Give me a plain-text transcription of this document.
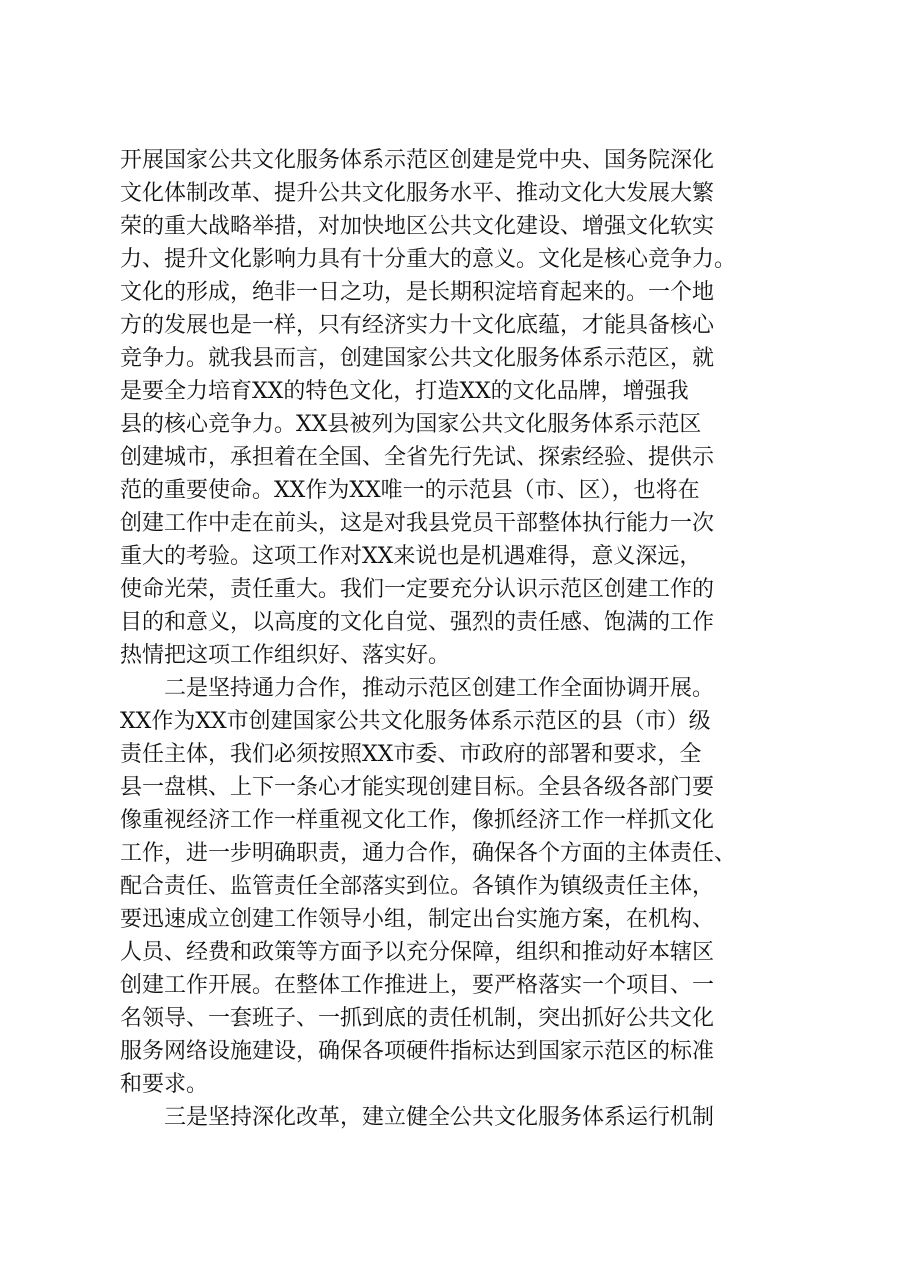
开展国家公共文化服务体系示范区创建是党中央、国务院深化
文化体制改革、提升公共文化服务水平、推动文化大发展大繁
荣的重大战略举措，对加快地区公共文化建设、增强文化软实
力、提升文化影响力具有十分重大的意义。文化是核心竞争力。
文化的形成，绝非一日之功，是长期积淀培育起来的。一个地
方的发展也是一样，只有经济实力十文化底蕴，才能具备核心
竞争力。就我县而言，创建国家公共文化服务体系示范区，就
是要全力培育XX的特色文化，打造XX的文化品牌，增强我
县的核心竞争力。XX县被列为国家公共文化服务体系示范区
创建城市，承担着在全国、全省先行先试、探索经验、提供示
范的重要使命。XX作为XX唯一的示范县（市、区），也将在
创建工作中走在前头，这是对我县党员干部整体执行能力一次
重大的考验。这项工作对XX来说也是机遇难得，意义深远，
使命光荣，责任重大。我们一定要充分认识示范区创建工作的
目的和意义，以高度的文化自觉、强烈的责任感、饱满的工作
热情把这项工作组织好、落实好。
二是坚持通力合作，推动示范区创建工作全面协调开展。
XX作为XX市创建国家公共文化服务体系示范区的县（市）级
责任主体，我们必须按照XX市委、市政府的部署和要求，全
县一盘棋、上下一条心才能实现创建目标。全县各级各部门要
像重视经济工作一样重视文化工作，像抓经济工作一样抓文化
工作，进一步明确职责，通力合作，确保各个方面的主体责任、
配合责任、监管责任全部落实到位。各镇作为镇级责任主体，
要迅速成立创建工作领导小组，制定出台实施方案，在机构、
人员、经费和政策等方面予以充分保障，组织和推动好本辖区
创建工作开展。在整体工作推进上，要严格落实一个项目、一
名领导、一套班子、一抓到底的责任机制，突出抓好公共文化
服务网络设施建设，确保各项硬件指标达到国家示范区的标准
和要求。
三是坚持深化改革，建立健全公共文化服务体系运行机制
